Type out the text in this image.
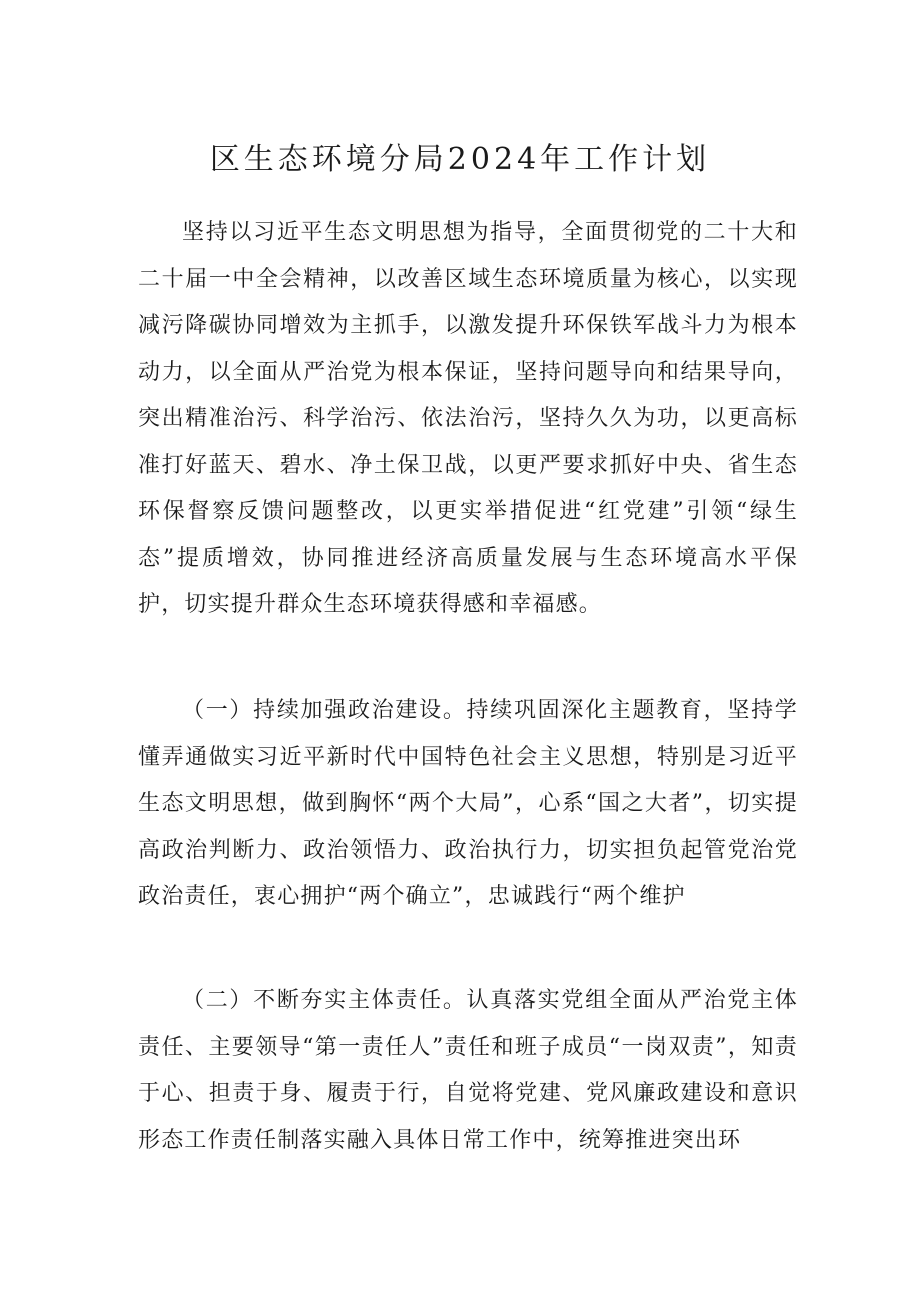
区生态环境分局2024年工作计划

坚持以习近平生态文明思想为指导，全面贯彻党的二十大和二十届一中全会精神，以改善区域生态环境质量为核心，以实现减污降碳协同增效为主抓手，以激发提升环保铁军战斗力为根本动力，以全面从严治党为根本保证，坚持问题导向和结果导向，突出精准治污、科学治污、依法治污，坚持久久为功，以更高标准打好蓝天、碧水、净土保卫战，以更严要求抓好中央、省生态环保督察反馈问题整改，以更实举措促进“红党建”引领“绿生态”提质增效，协同推进经济高质量发展与生态环境高水平保护，切实提升群众生态环境获得感和幸福感。

（一）持续加强政治建设。持续巩固深化主题教育，坚持学懂弄通做实习近平新时代中国特色社会主义思想，特别是习近平生态文明思想，做到胸怀“两个大局”，心系“国之大者”，切实提高政治判断力、政治领悟力、政治执行力，切实担负起管党治党政治责任，衷心拥护“两个确立”，忠诚践行“两个维护

（二）不断夯实主体责任。认真落实党组全面从严治党主体责任、主要领导“第一责任人”责任和班子成员“一岗双责”，知责于心、担责于身、履责于行，自觉将党建、党风廉政建设和意识形态工作责任制落实融入具体日常工作中，统筹推进突出环
